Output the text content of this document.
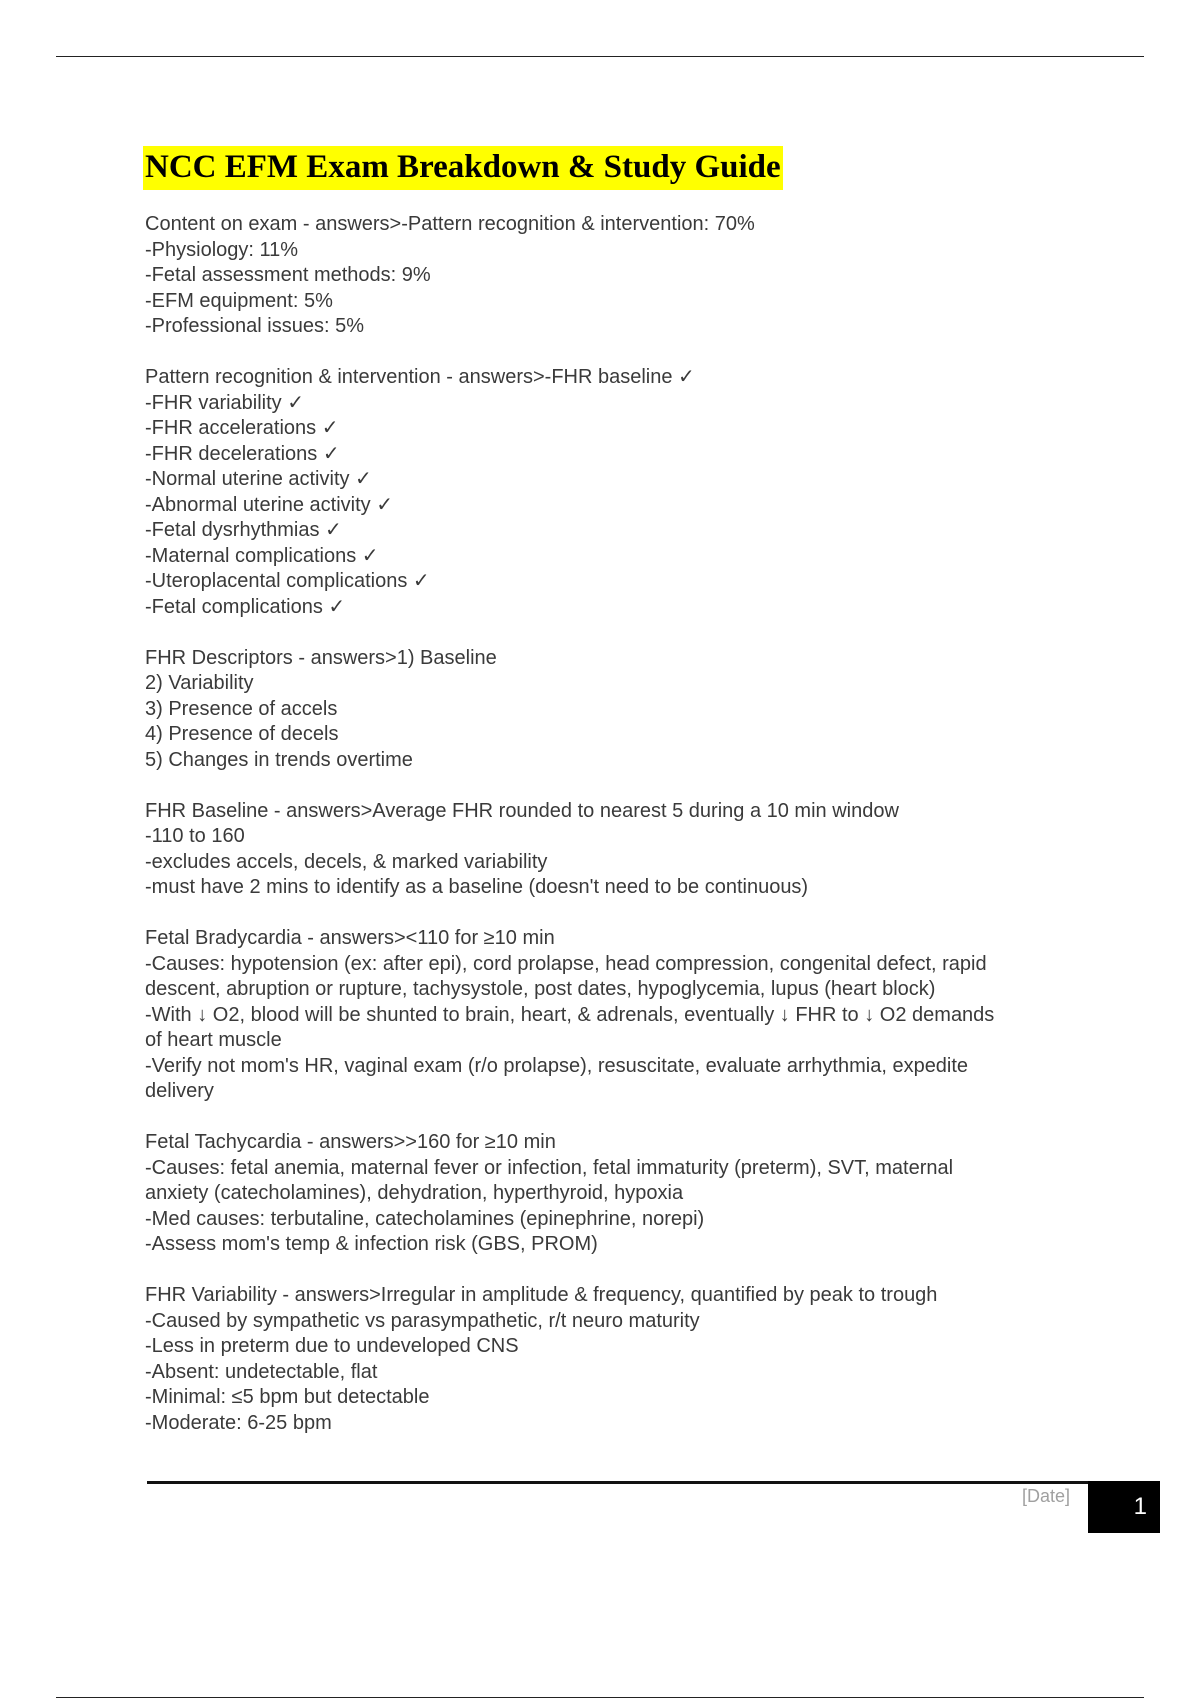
NCC EFM Exam Breakdown & Study Guide
Content on exam - answers>-Pattern recognition & intervention: 70%
-Physiology: 11%
-Fetal assessment methods: 9%
-EFM equipment: 5%
-Professional issues: 5%
Pattern recognition & intervention - answers>-FHR baseline ✓
-FHR variability ✓
-FHR accelerations ✓
-FHR decelerations ✓
-Normal uterine activity ✓
-Abnormal uterine activity ✓
-Fetal dysrhythmias ✓
-Maternal complications ✓
-Uteroplacental complications ✓
-Fetal complications ✓
FHR Descriptors - answers>1) Baseline
2) Variability
3) Presence of accels
4) Presence of decels
5) Changes in trends overtime
FHR Baseline - answers>Average FHR rounded to nearest 5 during a 10 min window
-110 to 160
-excludes accels, decels, & marked variability
-must have 2 mins to identify as a baseline (doesn't need to be continuous)
Fetal Bradycardia - answers><110 for ≥10 min
-Causes: hypotension (ex: after epi), cord prolapse, head compression, congenital defect, rapid
descent, abruption or rupture, tachysystole, post dates, hypoglycemia, lupus (heart block)
-With ↓ O2, blood will be shunted to brain, heart, & adrenals, eventually ↓ FHR to ↓ O2 demands
of heart muscle
-Verify not mom's HR, vaginal exam (r/o prolapse), resuscitate, evaluate arrhythmia, expedite
delivery
Fetal Tachycardia - answers>>160 for ≥10 min
-Causes: fetal anemia, maternal fever or infection, fetal immaturity (preterm), SVT, maternal
anxiety (catecholamines), dehydration, hyperthyroid, hypoxia
-Med causes: terbutaline, catecholamines (epinephrine, norepi)
-Assess mom's temp & infection risk (GBS, PROM)
FHR Variability - answers>Irregular in amplitude & frequency, quantified by peak to trough
-Caused by sympathetic vs parasympathetic, r/t neuro maturity
-Less in preterm due to undeveloped CNS
-Absent: undetectable, flat
-Minimal: ≤5 bpm but detectable
-Moderate: 6-25 bpm
[Date]	1
